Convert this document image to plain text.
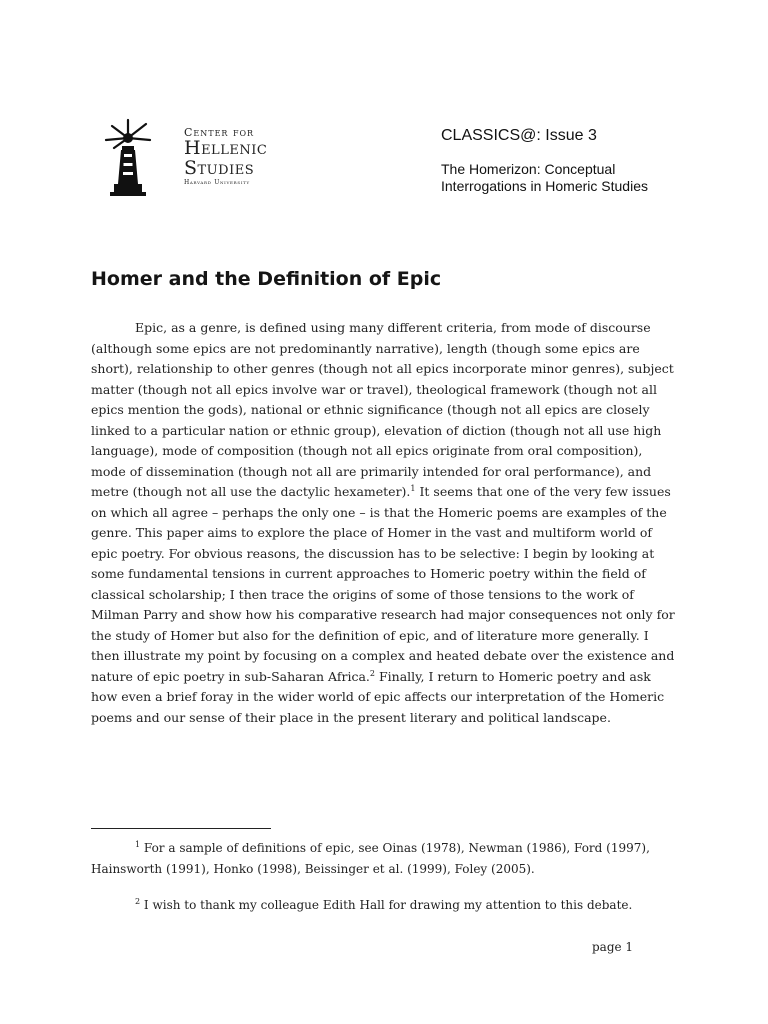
Center for
Hellenic
Studies
Harvard University
CLASSICS@: Issue 3
The Homerizon: Conceptual
Interrogations in Homeric Studies
Homer and the Definition of Epic

Epic, as a genre, is defined using many different criteria, from mode of discourse (although some epics are not predominantly narrative), length (though some epics are short), relationship to other genres (though not all epics incorporate minor genres), subject matter (though not all epics involve war or travel), theological framework (though not all epics mention the gods), national or ethnic significance (though not all epics are closely linked to a particular nation or ethnic group), elevation of diction (though not all use high language), mode of composition (though not all epics originate from oral composition), mode of dissemination (though not all are primarily intended for oral performance), and metre (though not all use the dactylic hexameter).$^1$ It seems that one of the very few issues on which all agree – perhaps the only one – is that the Homeric poems are examples of the genre. This paper aims to explore the place of Homer in the vast and multiform world of epic poetry. For obvious reasons, the discussion has to be selective: I begin by looking at some fundamental tensions in current approaches to Homeric poetry within the field of classical scholarship; I then trace the origins of some of those tensions to the work of Milman Parry and show how his comparative research had major consequences not only for the study of Homer but also for the definition of epic, and of literature more generally. I then illustrate my point by focusing on a complex and heated debate over the existence and nature of epic poetry in sub-Saharan Africa.$^2$ Finally, I return to Homeric poetry and ask how even a brief foray in the wider world of epic affects our interpretation of the Homeric poems and our sense of their place in the present literary and political landscape.

$^1$ For a sample of definitions of epic, see Oinas (1978), Newman (1986), Ford (1997), Hainsworth (1991), Honko (1998), Beissinger et al. (1999), Foley (2005).

$^2$ I wish to thank my colleague Edith Hall for drawing my attention to this debate.

page 1
